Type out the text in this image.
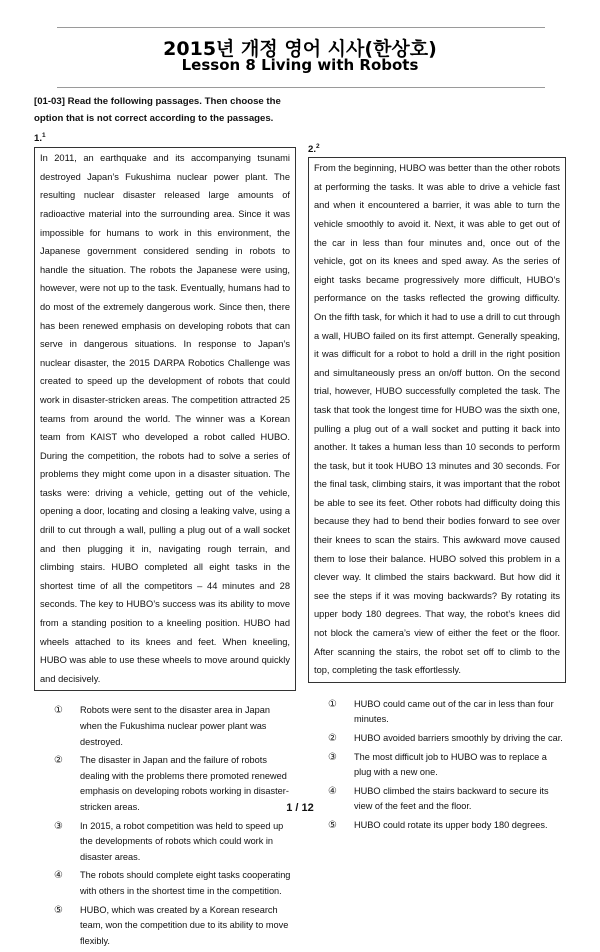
2015년 개정 영어 시사(한상호)
Lesson 8 Living with Robots
[01-03] Read the following passages. Then choose the option that is not correct according to the passages.
1.$^1$
In 2011, an earthquake and its accompanying tsunami destroyed Japan’s Fukushima nuclear power plant. The resulting nuclear disaster released large amounts of radioactive material into the surrounding area. Since it was impossible for humans to work in this environment, the Japanese government considered sending in robots to handle the situation. The robots the Japanese were using, however, were not up to the task. Eventually, humans had to do most of the extremely dangerous work. Since then, there has been renewed emphasis on developing robots that can serve in dangerous situations. In response to Japan’s nuclear disaster, the 2015 DARPA Robotics Challenge was created to speed up the development of robots that could work in disaster-stricken areas. The competition attracted 25 teams from around the world. The winner was a Korean team from KAIST who developed a robot called HUBO. During the competition, the robots had to solve a series of problems they might come upon in a disaster situation. The tasks were: driving a vehicle, getting out of the vehicle, opening a door, locating and closing a leaking valve, using a drill to cut through a wall, pulling a plug out of a wall socket and then plugging it in, navigating rough terrain, and climbing stairs. HUBO completed all eight tasks in the shortest time of all the competitors – 44 minutes and 28 seconds. The key to HUBO’s success was its ability to move from a standing position to a kneeling position. HUBO had wheels attached to its knees and feet. When kneeling, HUBO was able to use these wheels to move around quickly and decisively.
①	Robots were sent to the disaster area in Japan when the Fukushima nuclear power plant was destroyed.
②	The disaster in Japan and the failure of robots dealing with the problems there promoted renewed emphasis on developing robots working in disaster-stricken areas.
③	In 2015, a robot competition was held to speed up the developments of robots which could work in disaster areas.
④	The robots should complete eight tasks cooperating with others in the shortest time in the competition.
⑤	HUBO, which was created by a Korean research team, won the competition due to its ability to move flexibly.
2.$^2$
From the beginning, HUBO was better than the other robots at performing the tasks. It was able to drive a vehicle fast and when it encountered a barrier, it was able to turn the vehicle smoothly to avoid it. Next, it was able to get out of the car in less than four minutes and, once out of the vehicle, got on its knees and sped away. As the series of eight tasks became progressively more difficult, HUBO’s performance on the tasks reflected the growing difficulty. On the fifth task, for which it had to use a drill to cut through a wall, HUBO failed on its first attempt. Generally speaking, it was difficult for a robot to hold a drill in the right position and simultaneously press an on/off button. On the second trial, however, HUBO successfully completed the task. The task that took the longest time for HUBO was the sixth one, pulling a plug out of a wall socket and putting it back into another. It takes a human less than 10 seconds to perform the task, but it took HUBO 13 minutes and 30 seconds. For the final task, climbing stairs, it was important that the robot be able to see its feet. Other robots had difficulty doing this because they had to bend their bodies forward to see over their knees to scan the stairs. This awkward move caused them to lose their balance. HUBO solved this problem in a clever way. It climbed the stairs backward. But how did it see the steps if it was moving backwards? By rotating its upper body 180 degrees. That way, the robot’s knees did not block the camera’s view of either the feet or the floor. After scanning the stairs, the robot set off to climb to the top, completing the task effortlessly.
①	HUBO could came out of the car in less than four minutes.
②	HUBO avoided barriers smoothly by driving the car.
③	The most difficult job to HUBO was to replace a plug with a new one.
④	HUBO climbed the stairs backward to secure its view of the feet and the floor.
⑤	HUBO could rotate its upper body 180 degrees.
1 / 12
